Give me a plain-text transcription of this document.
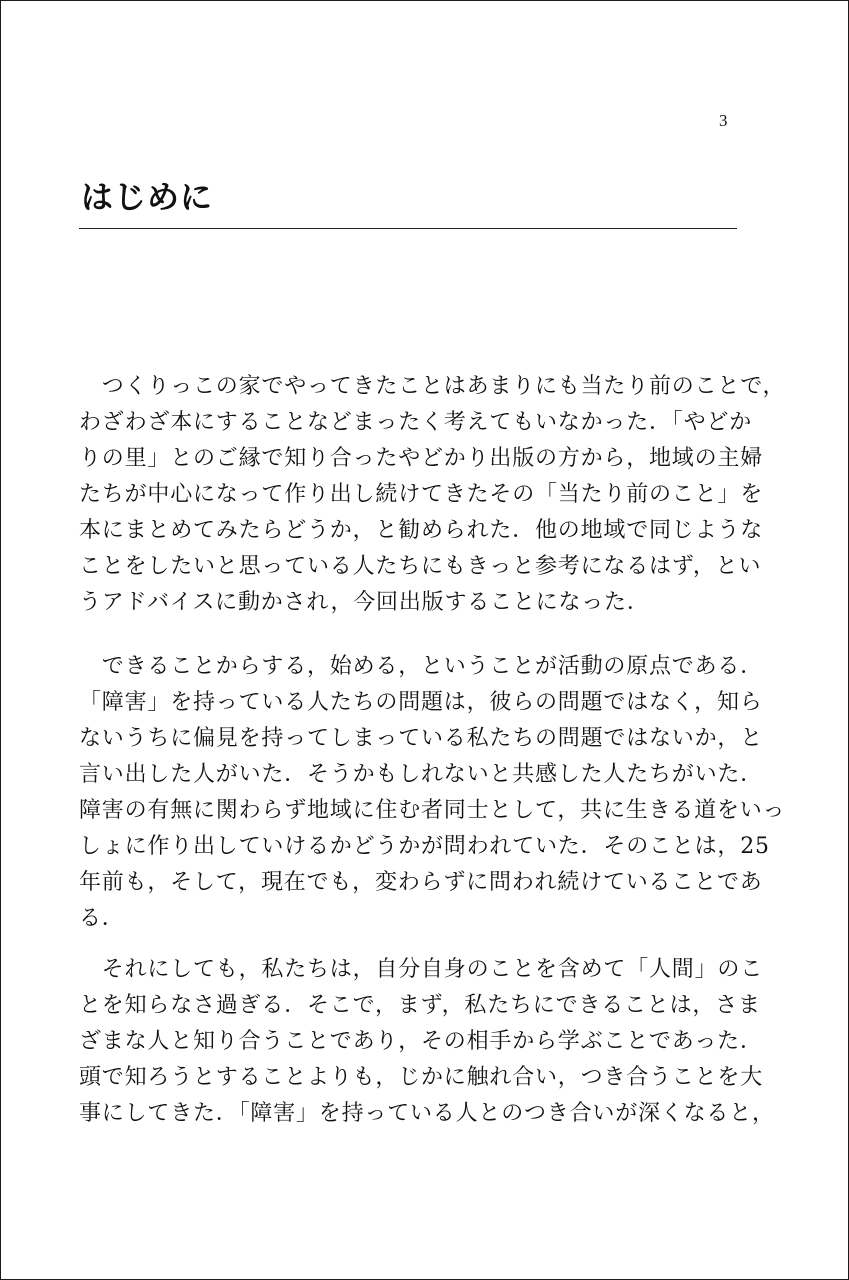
3
はじめに

　つくりっこの家でやってきたことはあまりにも当たり前のことで，
わざわざ本にすることなどまったく考えてもいなかった．「やどか
りの里」とのご縁で知り合ったやどかり出版の方から，地域の主婦
たちが中心になって作り出し続けてきたその「当たり前のこと」を
本にまとめてみたらどうか，と勧められた．他の地域で同じような
ことをしたいと思っている人たちにもきっと参考になるはず，とい
うアドバイスに動かされ，今回出版することになった．

　できることからする，始める，ということが活動の原点である．
「障害」を持っている人たちの問題は，彼らの問題ではなく，知ら
ないうちに偏見を持ってしまっている私たちの問題ではないか，と
言い出した人がいた．そうかもしれないと共感した人たちがいた．
障害の有無に関わらず地域に住む者同士として，共に生きる道をいっ
しょに作り出していけるかどうかが問われていた．そのことは，25
年前も，そして，現在でも，変わらずに問われ続けていることであ
る．

　それにしても，私たちは，自分自身のことを含めて「人間」のこ
とを知らなさ過ぎる．そこで，まず，私たちにできることは，さま
ざまな人と知り合うことであり，その相手から学ぶことであった．
頭で知ろうとすることよりも，じかに触れ合い，つき合うことを大
事にしてきた．「障害」を持っている人とのつき合いが深くなると，
